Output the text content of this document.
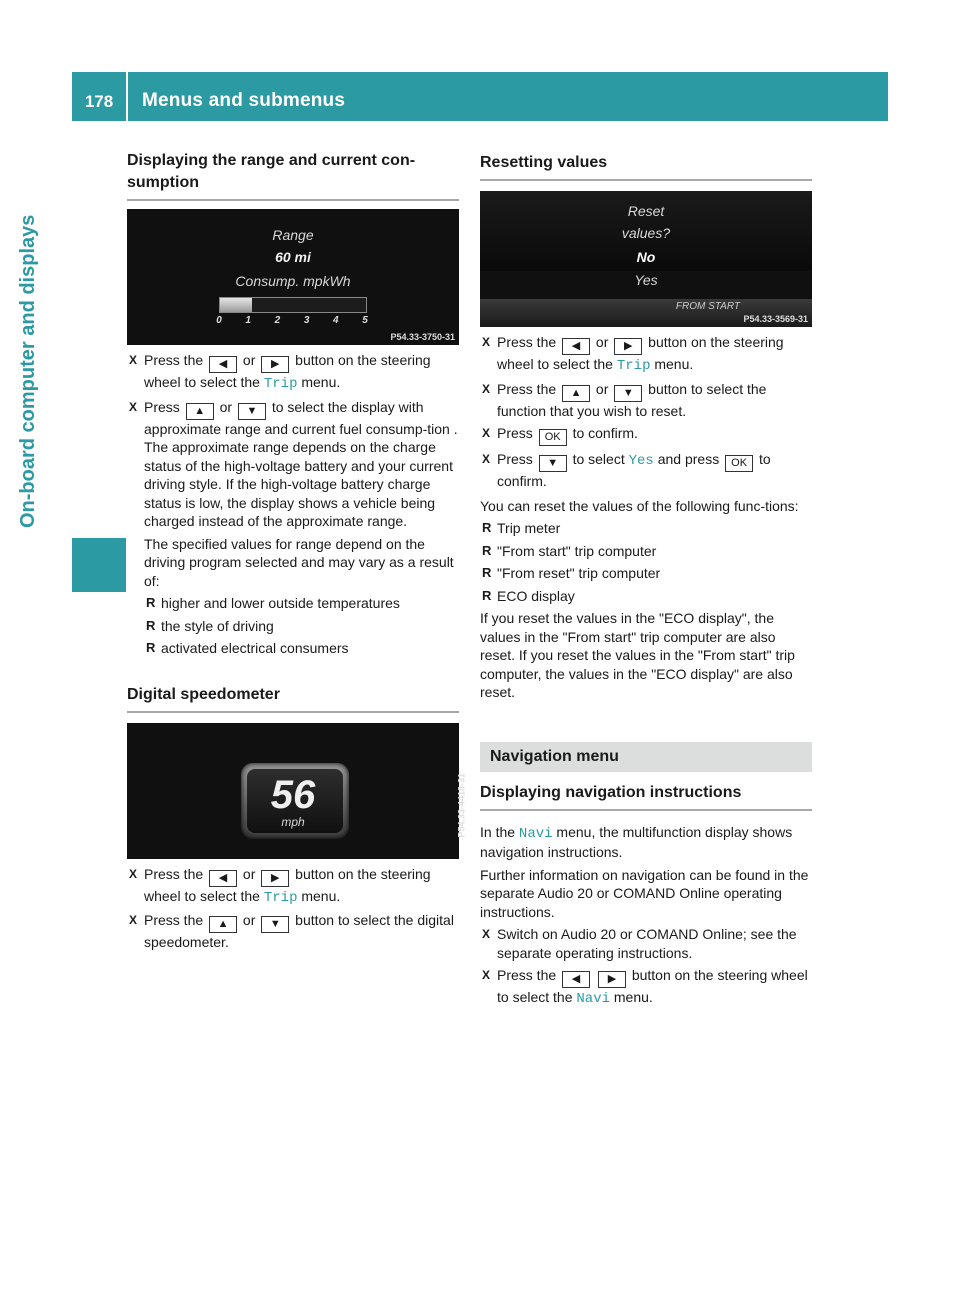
178	Menus and submenus
On-board computer and displays
Displaying the range and current con-
sumption
Range
60 mi
Consump. mpkWh
0 1 2 3 4 5
P54.33-3750-31
X Press the ◀ or ▶ button on the steering wheel to select the Trip menu.
X Press ▲ or ▼ to select the display with approximate range and current fuel consump-tion .

The approximate range depends on the charge status of the high-voltage battery and your current driving style. If the high-voltage battery charge status is low, the display shows a vehicle being charged instead of the approximate range.

The specified values for range depend on the driving program selected and may vary as a result of:

R higher and lower outside temperatures
R the style of driving
R activated electrical consumers
Digital speedometer
56
mph	P54.33-4418-31
X Press the ◀ or ▶ button on the steering wheel to select the Trip menu.
X Press the ▲ or ▼ button to select the digital speedometer.
Resetting values
Reset
values?
No
Yes
FROM START
P54.33-3569-31
X Press the ◀ or ▶ button on the steering wheel to select the Trip menu.
X Press the ▲ or ▼ button to select the function that you wish to reset.
X Press OK to confirm.
X Press ▼ to select Yes and press OK to confirm.

You can reset the values of the following func-tions:

R Trip meter
R "From start" trip computer
R "From reset" trip computer
R ECO display

If you reset the values in the "ECO display", the values in the "From start" trip computer are also reset. If you reset the values in the "From start" trip computer, the values in the "ECO display" are also reset.

Navigation menu
Displaying navigation instructions

In the Navi menu, the multifunction display shows navigation instructions.

Further information on navigation can be found in the separate Audio 20 or COMAND Online operating instructions.

X Switch on Audio 20 or COMAND Online; see the separate operating instructions.
X Press the ◀ ▶ button on the steering wheel to select the Navi menu.
